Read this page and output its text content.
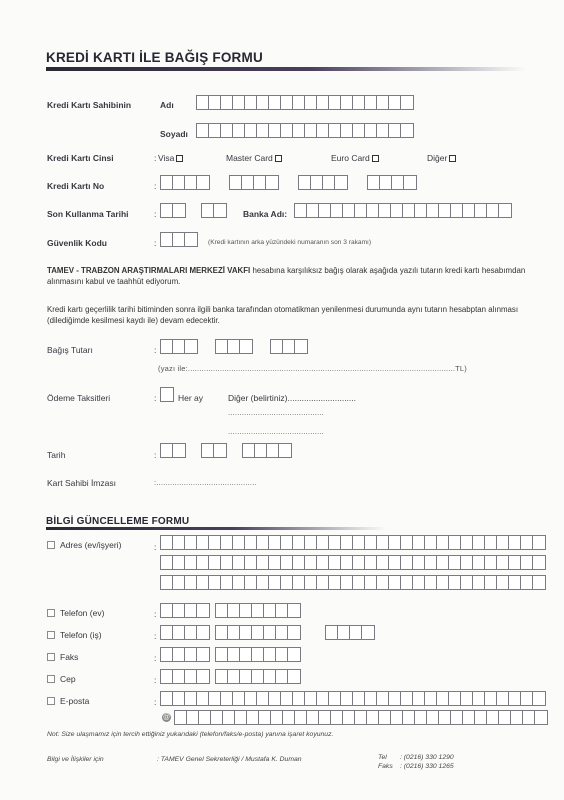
KREDİ KARTI İLE BAĞIŞ FORMU
Kredi Kartı Sahibinin	Adı
Soyadı
Kredi Kartı Cinsi	: Visa	Master Card	Euro Card	Diğer
Kredi Kartı No	:
Son Kullanma Tarihi	:	Banka Adı:
Güvenlik Kodu	:	(Kredi kartının arka yüzündeki numaranın son 3 rakamı)
TAMEV - TRABZON ARAŞTIRMALARI MERKEZİ VAKFI hesabına karşılıksız bağış olarak aşağıda yazılı tutarın kredi kartı hesabımdan alınmasını kabul ve taahhüt ediyorum.
Kredi kartı geçerlilik tarihi bitiminden sonra ilgili banka tarafından otomatikman yenilenmesi durumunda aynı tutarın hesabptan alınması (dilediğimde kesilmesi kaydı ile) devam edecektir.
Bağış Tutarı	:
(yazı ile:.....................................................................................................................TL)
Ödeme Taksitleri	:	Her ay	Diğer (belirtiniz).............................
..........................................
..........................................
Tarih	:
Kart Sahibi İmzası	:............................................
BİLGİ GÜNCELLEME FORMU
Adres (ev/işyeri)	:
Telefon (ev)	:
Telefon (iş)	:
Faks	:
Cep	:
E-posta	:
@
Not: Size ulaşmamız için tercih ettiğiniz yukarıdaki (telefon/faks/e-posta) yanına işaret koyunuz.
Bilgi ve İlişkiler için	: TAMEV Genel Sekreterliği / Mustafa K. Duman	Tel : (0216) 330 1290
Faks : (0216) 330 1265
